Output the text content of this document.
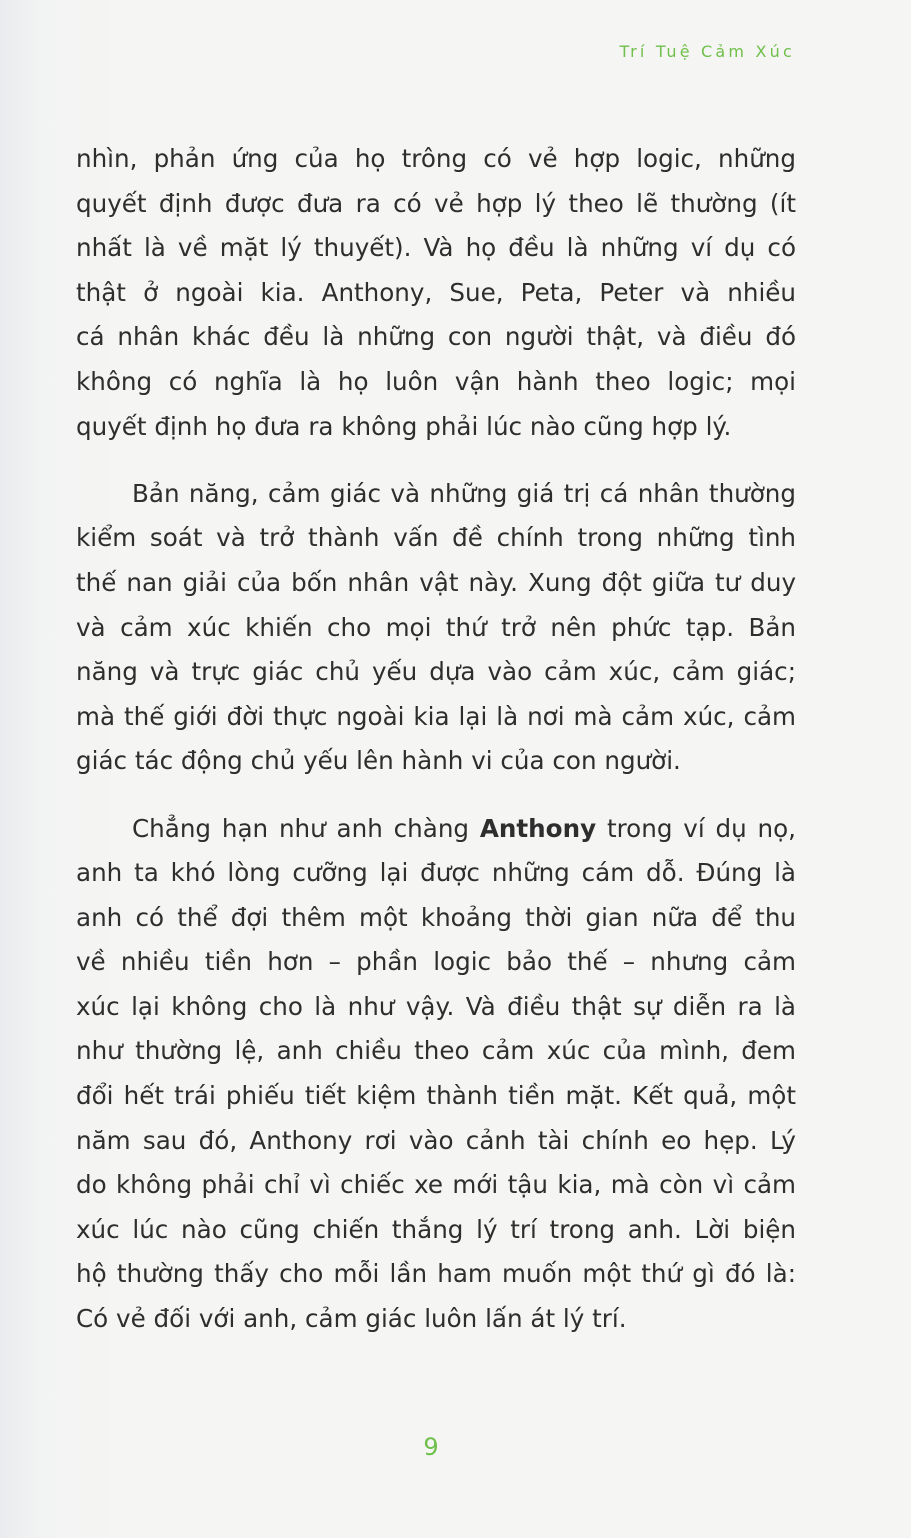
Trí Tuệ Cảm Xúc
nhìn, phản ứng của họ trông có vẻ hợp logic, những
quyết định được đưa ra có vẻ hợp lý theo lẽ thường (ít
nhất là về mặt lý thuyết). Và họ đều là những ví dụ có
thật ở ngoài kia. Anthony, Sue, Peta, Peter và nhiều
cá nhân khác đều là những con người thật, và điều đó
không có nghĩa là họ luôn vận hành theo logic; mọi
quyết định họ đưa ra không phải lúc nào cũng hợp lý.
Bản năng, cảm giác và những giá trị cá nhân thường
kiểm soát và trở thành vấn đề chính trong những tình
thế nan giải của bốn nhân vật này. Xung đột giữa tư duy
và cảm xúc khiến cho mọi thứ trở nên phức tạp. Bản
năng và trực giác chủ yếu dựa vào cảm xúc, cảm giác;
mà thế giới đời thực ngoài kia lại là nơi mà cảm xúc, cảm
giác tác động chủ yếu lên hành vi của con người.
Chẳng hạn như anh chàng Anthony trong ví dụ nọ,
anh ta khó lòng cưỡng lại được những cám dỗ. Đúng là
anh có thể đợi thêm một khoảng thời gian nữa để thu
về nhiều tiền hơn – phần logic bảo thế – nhưng cảm
xúc lại không cho là như vậy. Và điều thật sự diễn ra là
như thường lệ, anh chiều theo cảm xúc của mình, đem
đổi hết trái phiếu tiết kiệm thành tiền mặt. Kết quả, một
năm sau đó, Anthony rơi vào cảnh tài chính eo hẹp. Lý
do không phải chỉ vì chiếc xe mới tậu kia, mà còn vì cảm
xúc lúc nào cũng chiến thắng lý trí trong anh. Lời biện
hộ thường thấy cho mỗi lần ham muốn một thứ gì đó là:
Có vẻ đối với anh, cảm giác luôn lấn át lý trí.
9
